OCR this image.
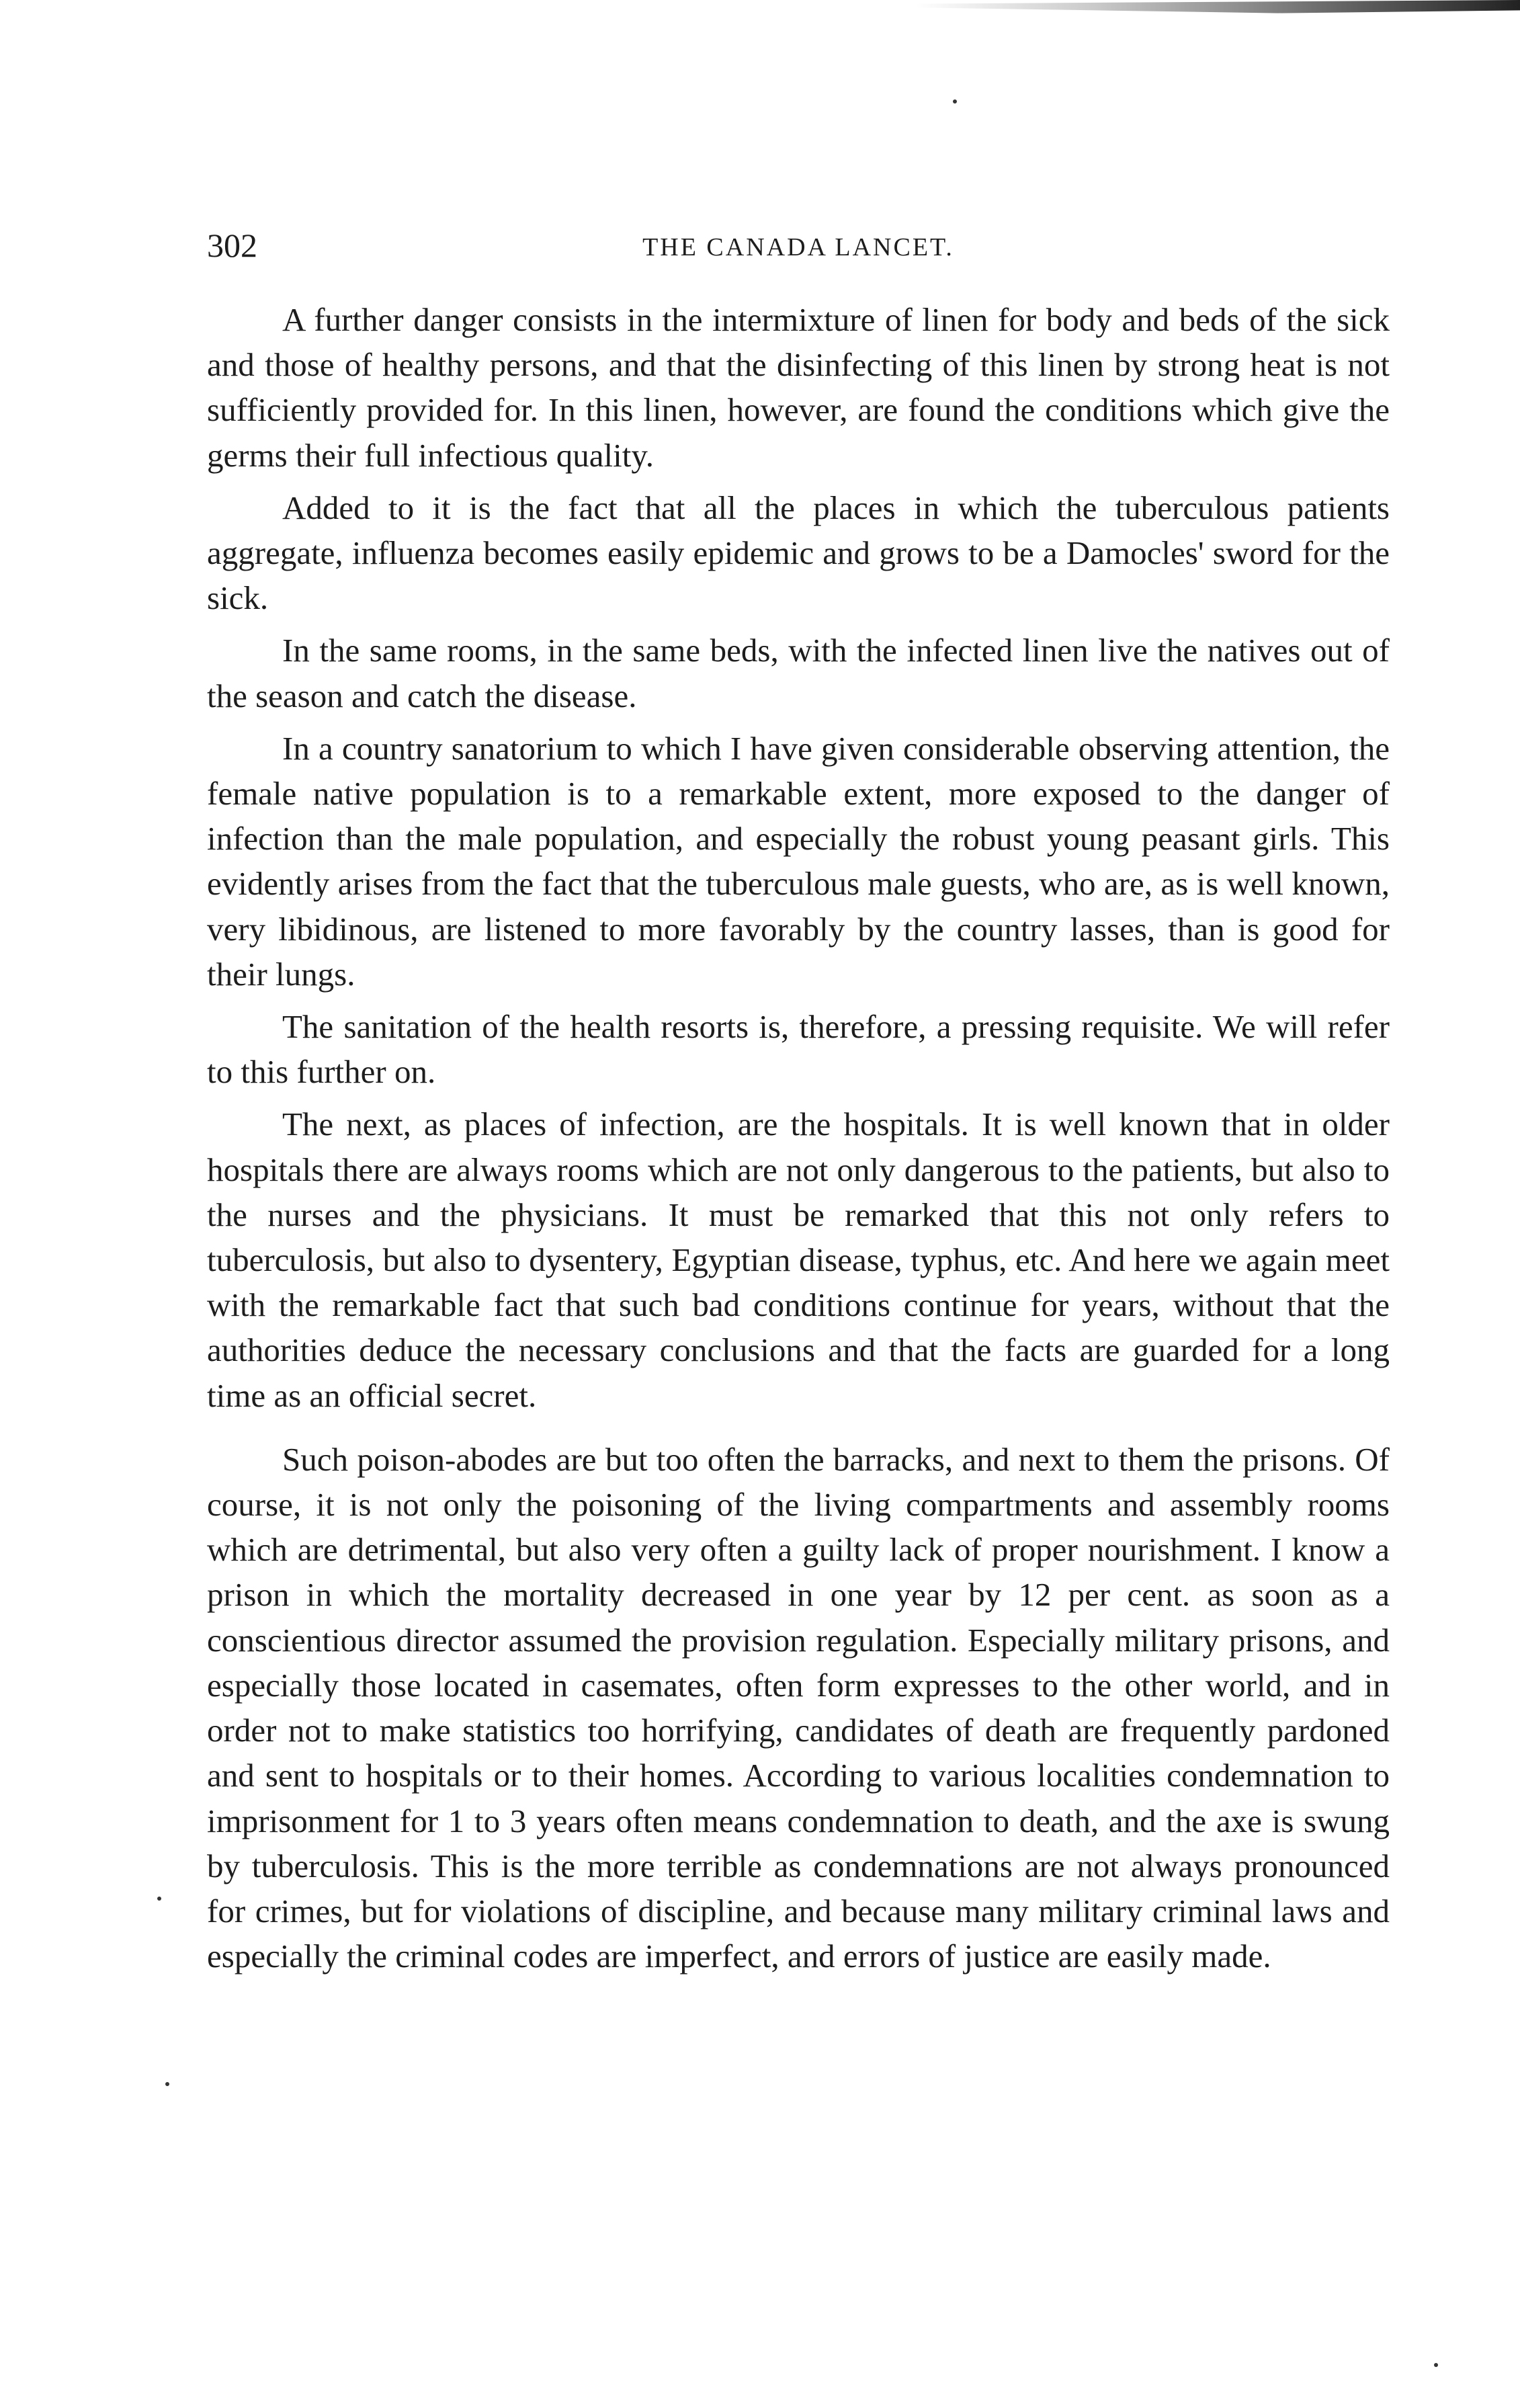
302	THE CANADA LANCET.

A further danger consists in the intermixture of linen for body and beds of the sick and those of healthy persons, and that the disinfecting of this linen by strong heat is not sufficiently provided for. In this linen, however, are found the conditions which give the germs their full infectious quality.

Added to it is the fact that all the places in which the tuberculous patients aggregate, influenza becomes easily epidemic and grows to be a Damocles' sword for the sick.

In the same rooms, in the same beds, with the infected linen live the natives out of the season and catch the disease.

In a country sanatorium to which I have given considerable observing attention, the female native population is to a remarkable extent, more exposed to the danger of infection than the male population, and especially the robust young peasant girls. This evidently arises from the fact that the tuberculous male guests, who are, as is well known, very libidinous, are listened to more favorably by the country lasses, than is good for their lungs.

The sanitation of the health resorts is, therefore, a pressing requisite. We will refer to this further on.

The next, as places of infection, are the hospitals. It is well known that in older hospitals there are always rooms which are not only dangerous to the patients, but also to the nurses and the physicians. It must be remarked that this not only refers to tuberculosis, but also to dysentery, Egyptian disease, typhus, etc. And here we again meet with the remarkable fact that such bad conditions continue for years, without that the authorities deduce the necessary conclusions and that the facts are guarded for a long time as an official secret.

Such poison-abodes are but too often the barracks, and next to them the prisons. Of course, it is not only the poisoning of the living compartments and assembly rooms which are detrimental, but also very often a guilty lack of proper nourishment. I know a prison in which the mortality decreased in one year by 12 per cent. as soon as a conscientious director assumed the provision regulation. Especially military prisons, and especially those located in casemates, often form expresses to the other world, and in order not to make statistics too horrifying, candidates of death are frequently pardoned and sent to hospitals or to their homes. According to various localities condemnation to imprisonment for 1 to 3 years often means condemnation to death, and the axe is swung by tuberculosis. This is the more terrible as condemnations are not always pronounced for crimes, but for violations of discipline, and because many military criminal laws and especially the criminal codes are imperfect, and errors of justice are easily made.
